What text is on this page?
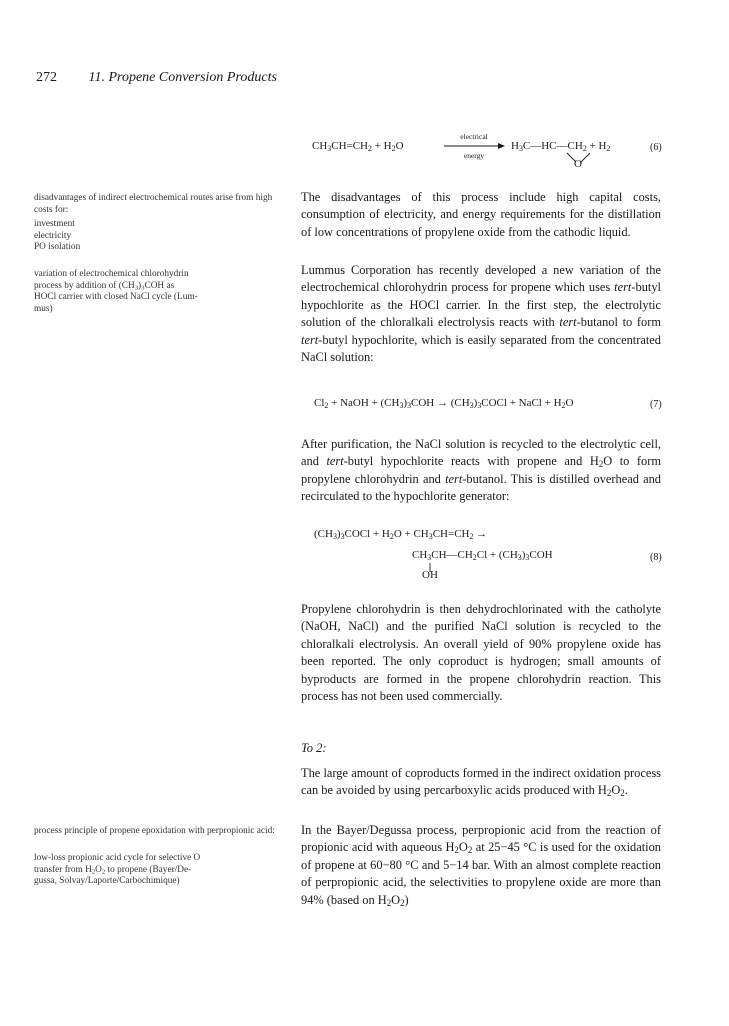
272 11. Propene Conversion Products
$CH_3CH=CH_2 + H_2O$
electrical
energy
$H_3C—HC—CH_2 + H_2$
O
(6)
disadvantages of indirect electrochemical routes arise from high costs for:
investment
electricity
PO isolation
variation of electrochemical chlorohydrin
process by addition of $(CH_3)_3COH$ as
HOCl carrier with closed NaCl cycle (Lum-
mus)
process principle of propene epoxidation with perpropionic acid:
low-loss propionic acid cycle for selective O
transfer from $H_2O_2$ to propene (Bayer/De-
gussa, Solvay/Laporte/Carbochimique)
The disadvantages of this process include high capital costs, consumption of electricity, and energy requirements for the distillation of low concentrations of propylene oxide from the cathodic liquid.
Lummus Corporation has recently developed a new variation of the electrochemical chlorohydrin process for propene which uses tert-butyl hypochlorite as the HOCl carrier. In the first step, the electrolytic solution of the chloralkali electrolysis reacts with tert-butanol to form tert-butyl hypochlorite, which is easily separated from the concentrated NaCl solution:
$Cl_2$ + NaOH + $(CH_3)_3COH$ → $(CH_3)_3COCl$ + NaCl + $H_2O$	(7)
After purification, the NaCl solution is recycled to the electrolytic cell, and tert-butyl hypochlorite reacts with propene and $H_2O$ to form propylene chlorohydrin and tert-butanol. This is distilled overhead and recirculated to the hypochlorite generator:
$(CH_3)_3COCl + H_2O + CH_3CH=CH_2$ →
$CH_3CH—CH_2Cl + (CH_3)_3COH$
OH
(8)
Propylene chlorohydrin is then dehydrochlorinated with the catholyte (NaOH, NaCl) and the purified NaCl solution is recycled to the chloralkali electrolysis. An overall yield of 90% propylene oxide has been reported. The only coproduct is hydrogen; small amounts of byproducts are formed in the propene chlorohydrin reaction. This process has not been used commercially.
To 2:
The large amount of coproducts formed in the indirect oxidation process can be avoided by using percarboxylic acids produced with $H_2O_2$.
In the Bayer/Degussa process, perpropionic acid from the reaction of propionic acid with aqueous $H_2O_2$ at 25−45 °C is used for the oxidation of propene at 60−80 °C and 5−14 bar. With an almost complete reaction of perpropionic acid, the selectivities to propylene oxide are more than 94% (based on $H_2O_2$)
